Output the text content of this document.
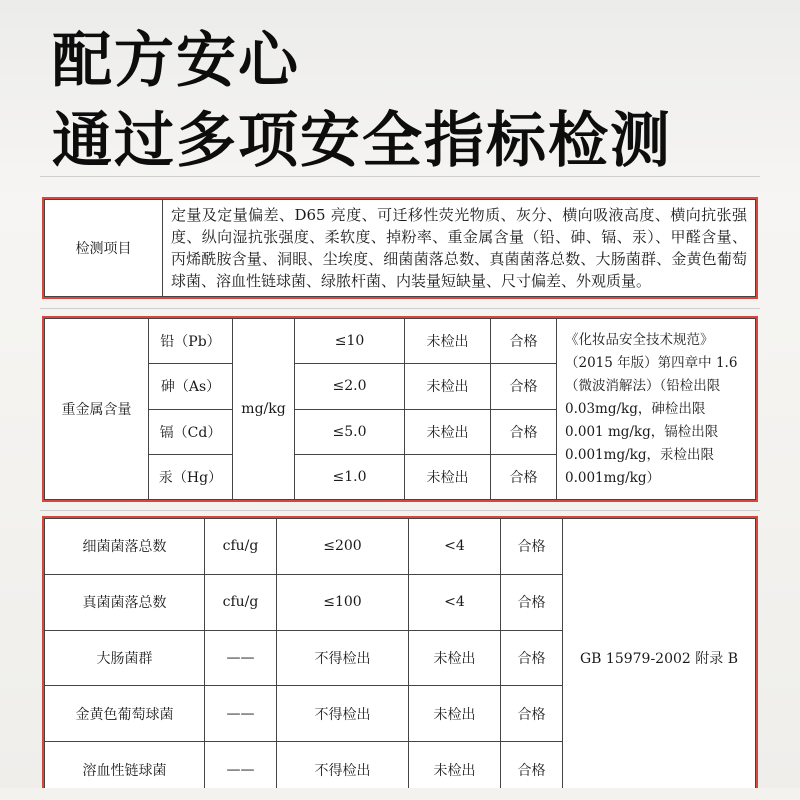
配方安心
通过多项安全指标检测
检测项目	定量及定量偏差、D65 亮度、可迁移性荧光物质、灰分、横向吸液高度、横向抗张强度、纵向湿抗张强度、柔软度、掉粉率、重金属含量（铅、砷、镉、汞）、甲醛含量、丙烯酰胺含量、洞眼、尘埃度、细菌菌落总数、真菌菌落总数、大肠菌群、金黄色葡萄球菌、溶血性链球菌、绿脓杆菌、内装量短缺量、尺寸偏差、外观质量。
重金属含量	铅（Pb）	mg/kg	≤10	未检出	合格	《化妆品安全技术规范》（2015 年版）第四章中 1.6（微波消解法）（铅检出限 0.03mg/kg，砷检出限 0.001 mg/kg，镉检出限 0.001mg/kg，汞检出限 0.001mg/kg）
	砷（As）		≤2.0	未检出	合格	
	镉（Cd）		≤5.0	未检出	合格	
	汞（Hg）		≤1.0	未检出	合格	
细菌菌落总数	cfu/g	≤200	<4	合格	GB 15979-2002 附录 B
真菌菌落总数	cfu/g	≤100	<4	合格	
大肠菌群	——	不得检出	未检出	合格	
金黄色葡萄球菌	——	不得检出	未检出	合格	
溶血性链球菌	——	不得检出	未检出	合格	
